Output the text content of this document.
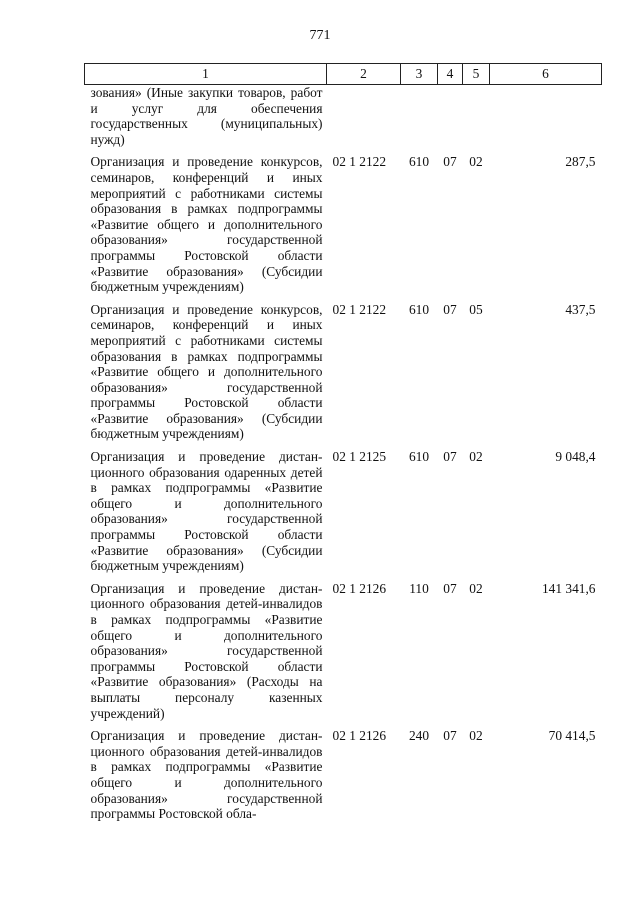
771
1	2	3	4	5	6
зования» (Иные закупки товаров, работ и услуг для обеспечения государственных (муниципальных) нужд)					
Организация и проведение конкурсов, семинаров, конференций и иных мероприятий с работниками системы образования в рамках подпрограммы «Развитие общего и дополнительного образования» государственной программы Ростовской области «Развитие образования» (Субсидии бюджетным учреждениям)	02 1 2122	610	07	02	287,5
Организация и проведение конкурсов, семинаров, конференций и иных мероприятий с работниками системы образования в рамках подпрограммы «Развитие общего и дополнительного образования» государственной программы Ростовской области «Развитие образования» (Субсидии бюджетным учреждениям)	02 1 2122	610	07	05	437,5
Организация и проведение дистанционного образования одаренных детей в рамках подпрограммы «Развитие общего и дополнительного образования» государственной программы Ростовской области «Развитие образования» (Субсидии бюджетным учреждениям)	02 1 2125	610	07	02	9 048,4
Организация и проведение дистанционного образования детей-инвалидов в рамках подпрограммы «Развитие общего и дополнительного образования» государственной программы Ростовской области «Развитие образования» (Расходы на выплаты персоналу казенных учреждений)	02 1 2126	110	07	02	141 341,6
Организация и проведение дистанционного образования детей-инвалидов в рамках подпрограммы «Развитие общего и дополнительного образования» государственной программы Ростовской обла-	02 1 2126	240	07	02	70 414,5
